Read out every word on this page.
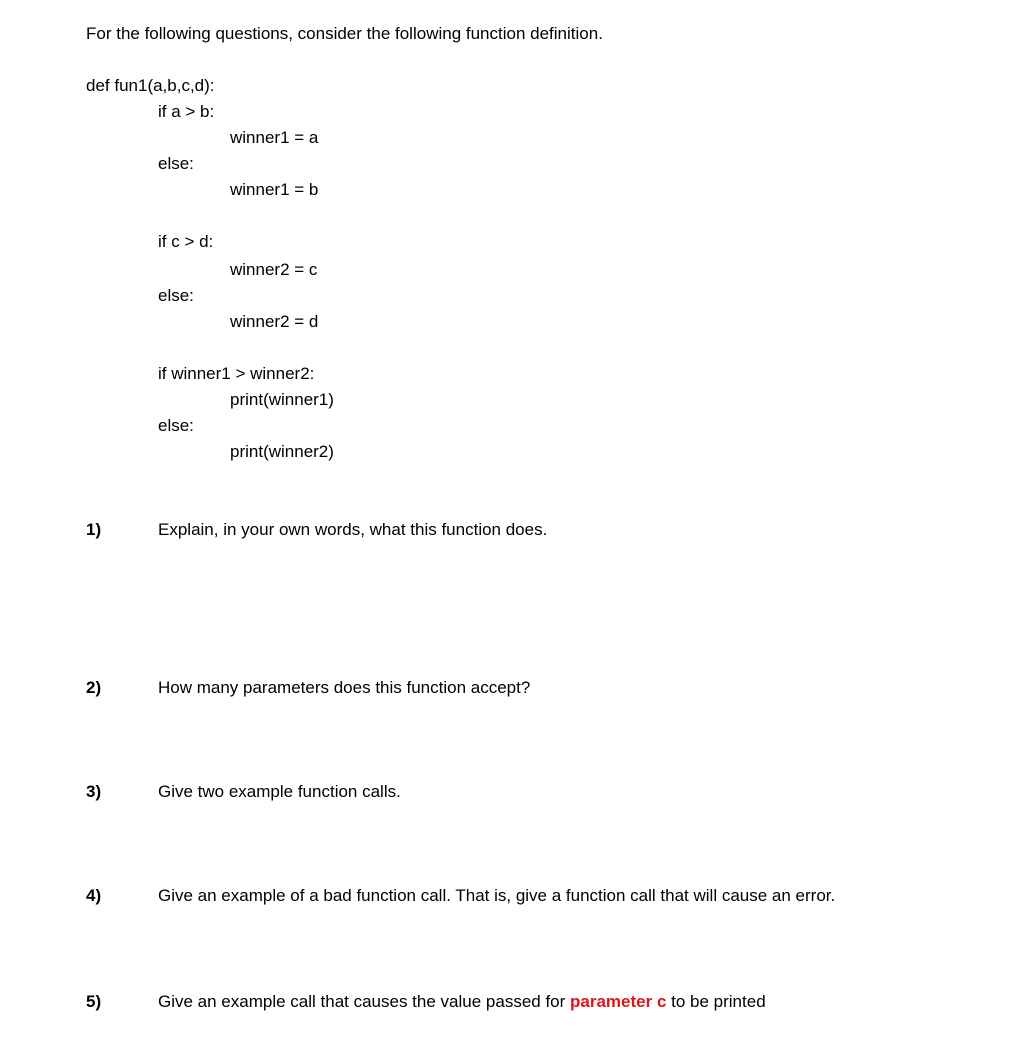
For the following questions, consider the following function definition.
def fun1(a,b,c,d):
if a > b:
winner1 = a
else:
winner1 = b
if c > d:
winner2 = c
else:
winner2 = d
if winner1 > winner2:
print(winner1)
else:
print(winner2)
1)	Explain, in your own words, what this function does.
2)	How many parameters does this function accept?
3)	Give two example function calls.
4)	Give an example of a bad function call. That is, give a function call that will cause an error.
5)	Give an example call that causes the value passed for parameter c to be printed
